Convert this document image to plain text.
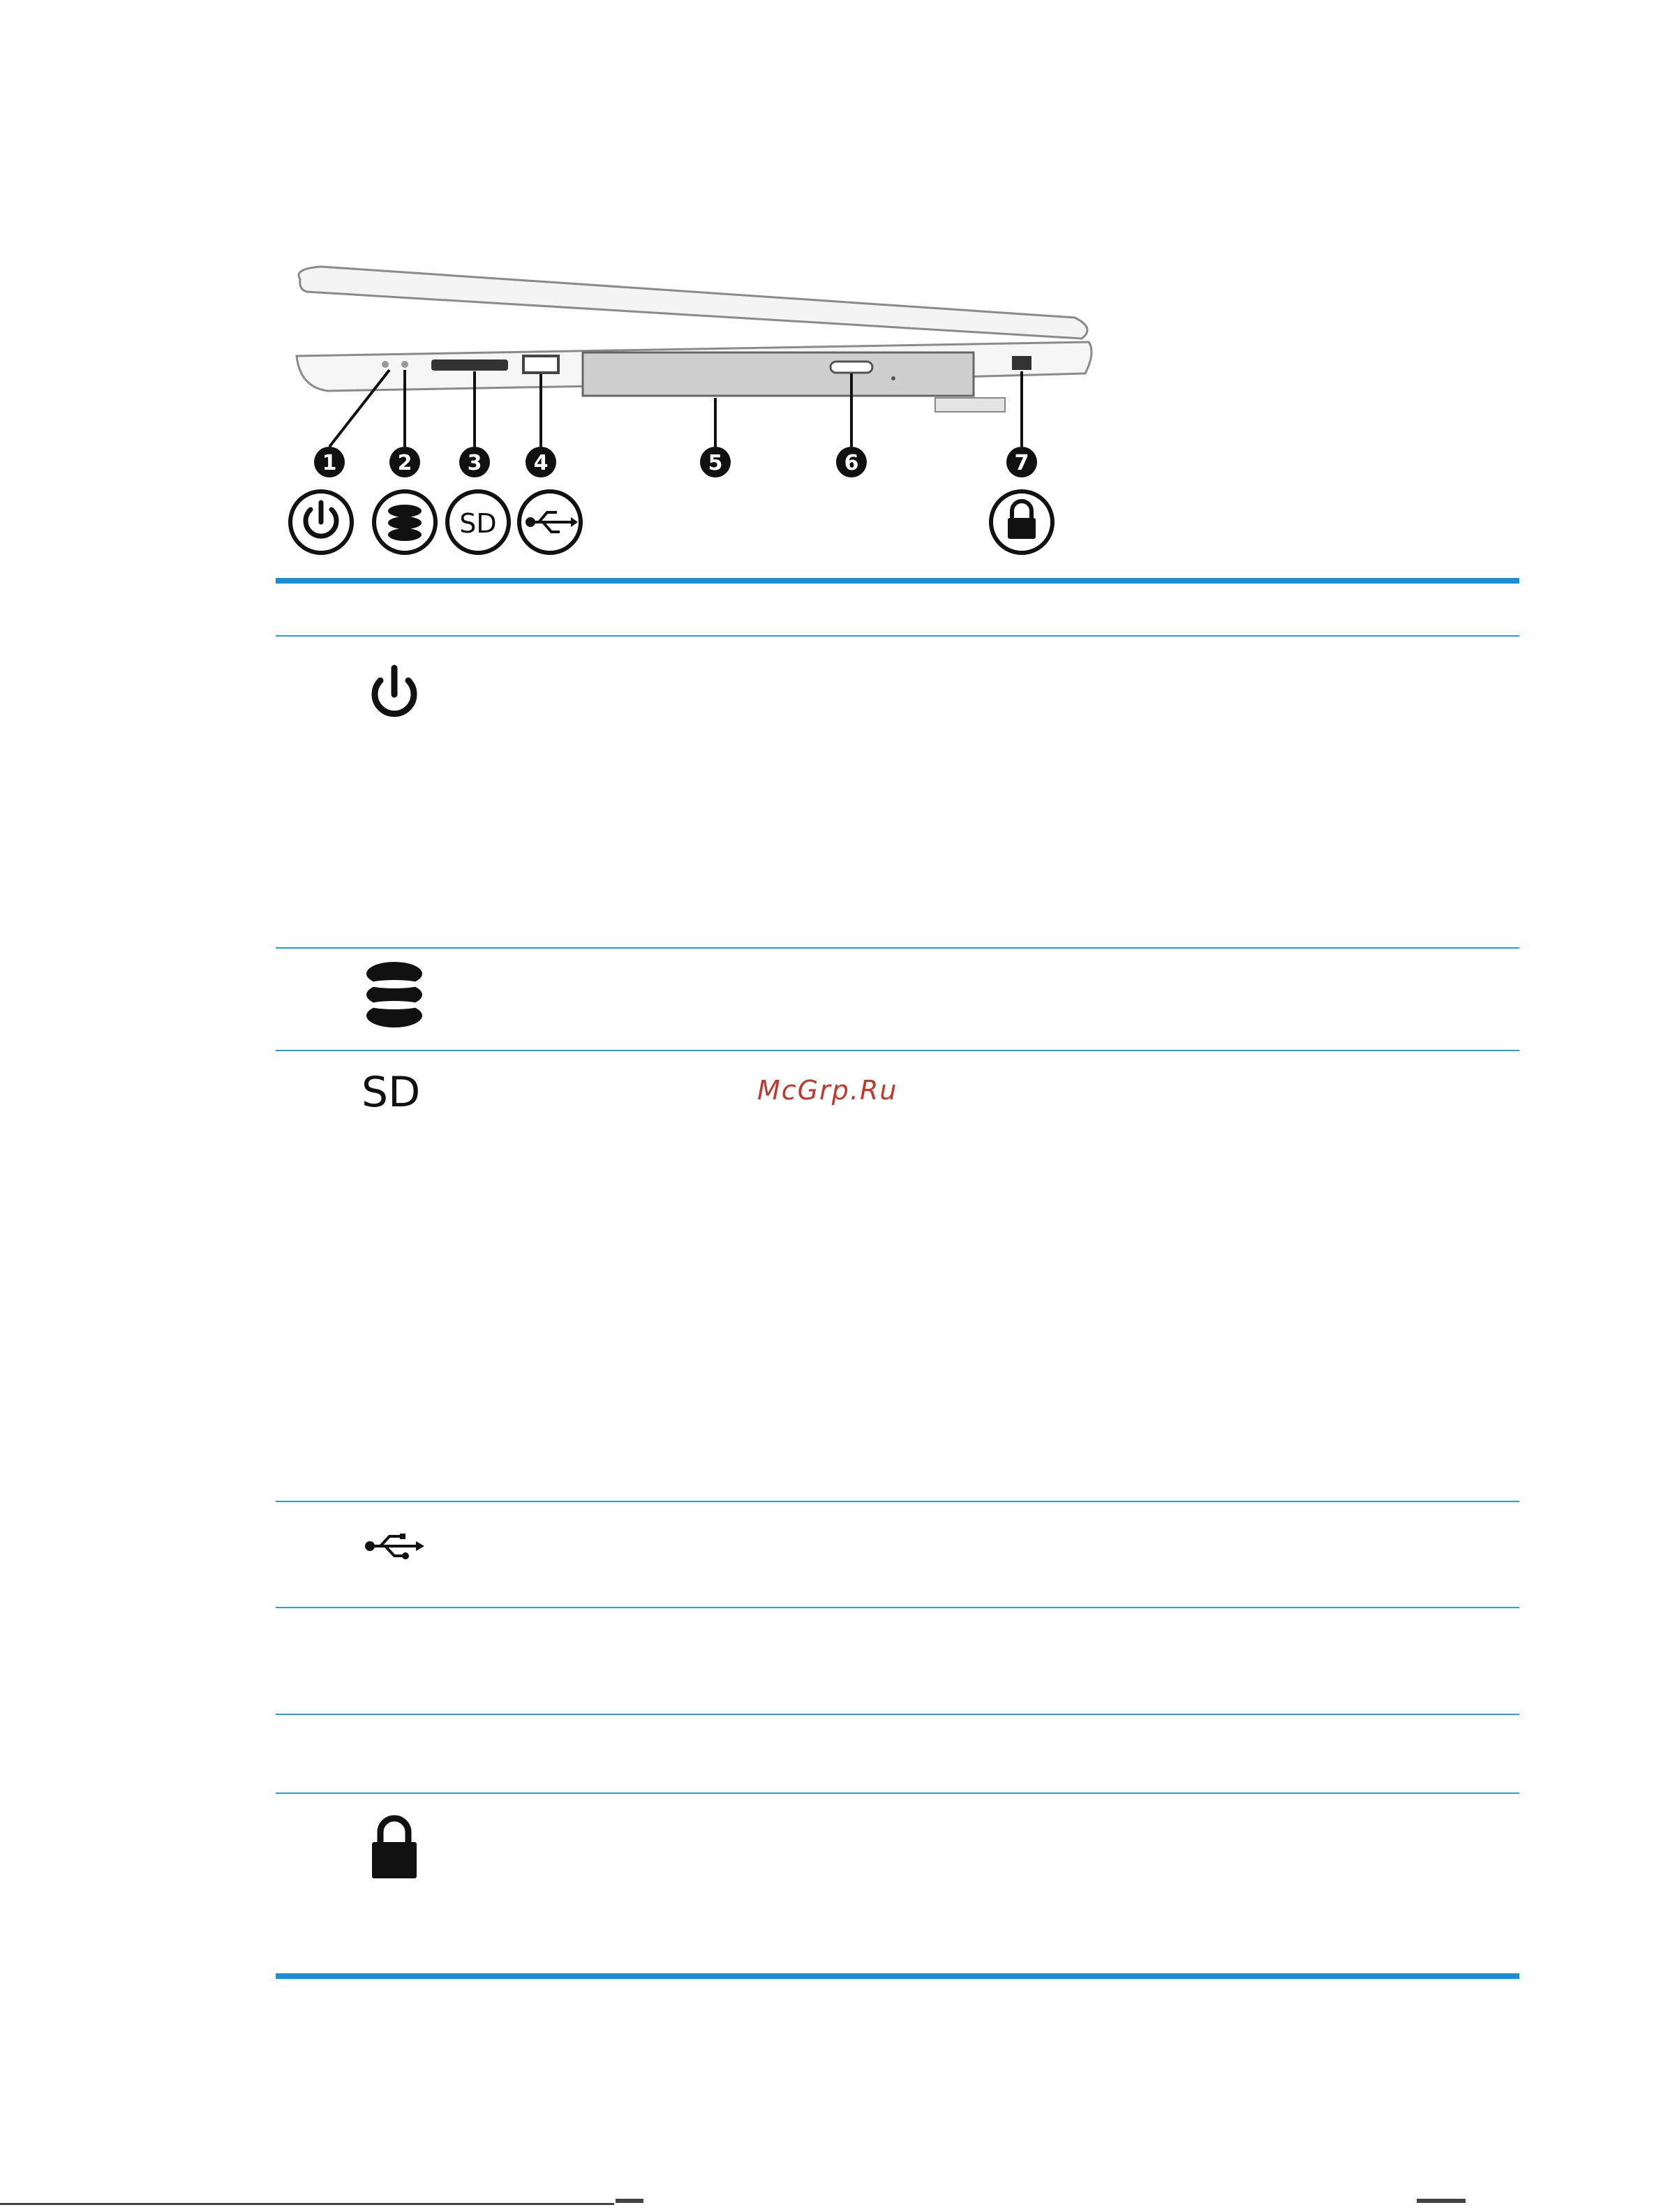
1	2	3 4	5	6	7
SD
SD	McGrp.Ru
